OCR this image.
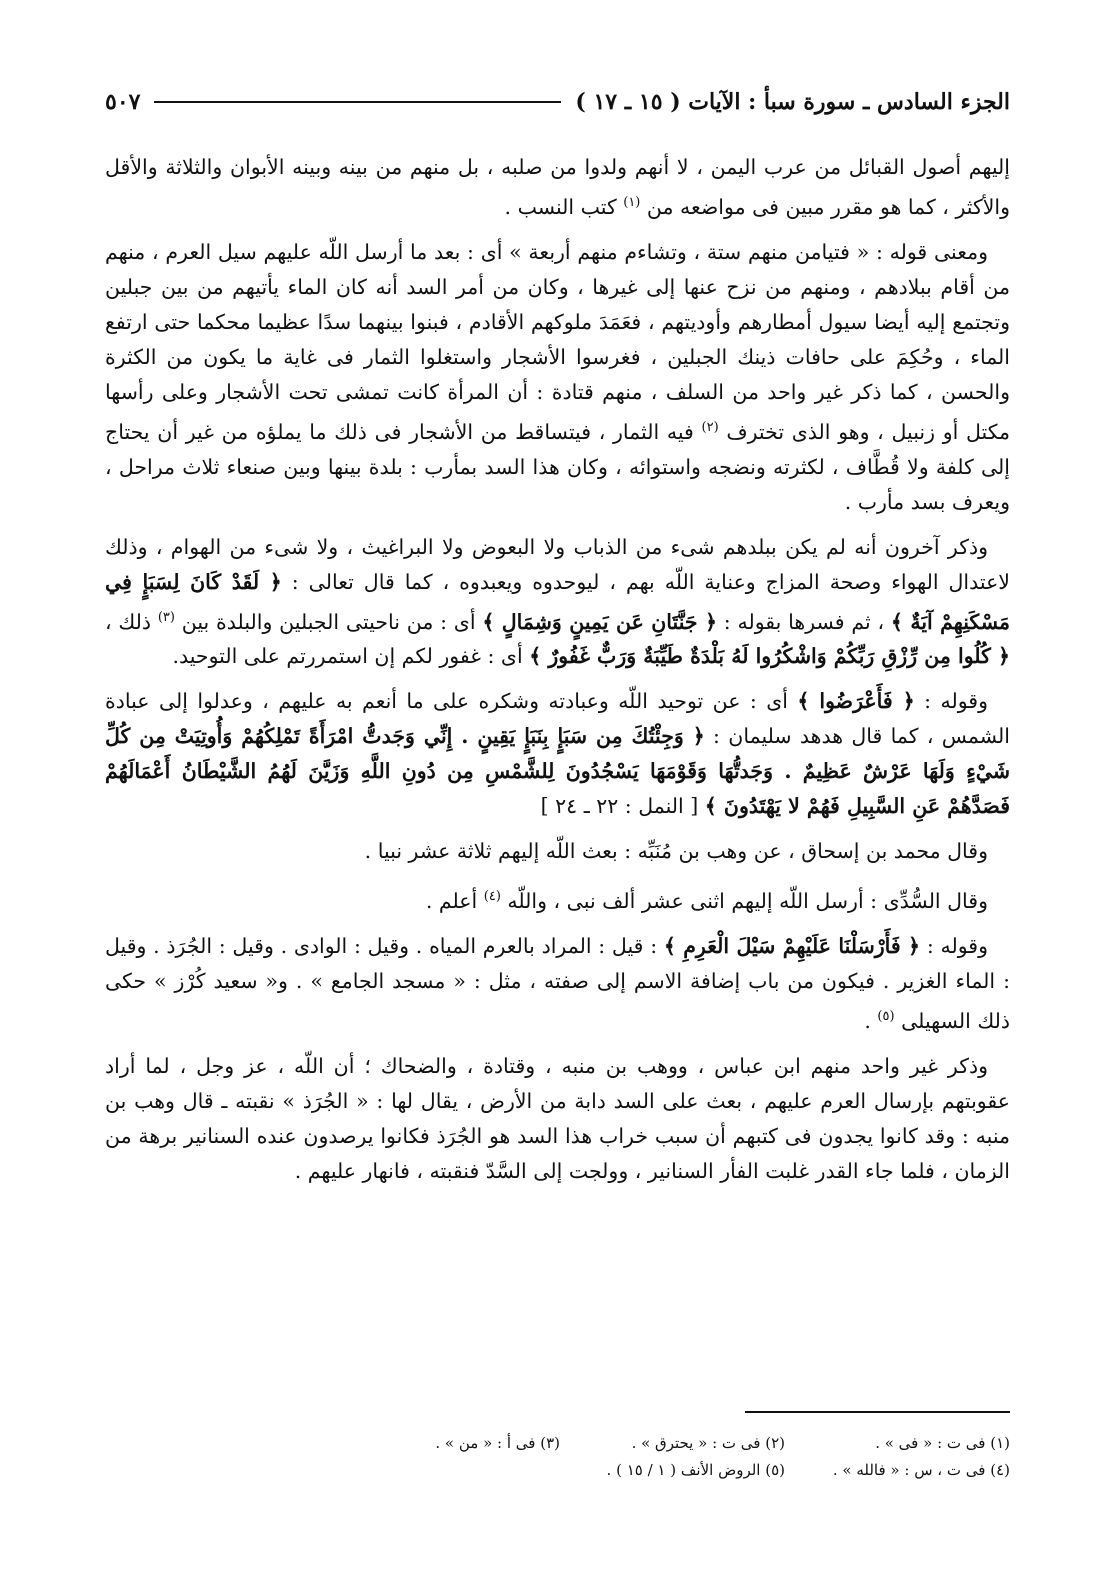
الجزء السادس ـ سورة سبأ : الآيات ( ١٥ ـ ١٧ )
٥٠٧

إليهم أصول القبائل من عرب اليمن ، لا أنهم ولدوا من صلبه ، بل منهم من بينه وبينه الأبوان والثلاثة والأقل والأكثر ، كما هو مقرر مبين فى مواضعه من $^{(١)}$ كتب النسب .

ومعنى قوله : « فتيامن منهم ستة ، وتشاءم منهم أربعة » أى : بعد ما أرسل اللّه عليهم سيل العرم ، منهم من أقام ببلادهم ، ومنهم من نزح عنها إلى غيرها ، وكان من أمر السد أنه كان الماء يأتيهم من بين جبلين وتجتمع إليه أيضا سيول أمطارهم وأوديتهم ، فعَمَدَ ملوكهم الأقادم ، فبنوا بينهما سدًا عظيما محكما حتى ارتفع الماء ، وحُكِمَ على حافات ذينك الجبلين ، فغرسوا الأشجار واستغلوا الثمار فى غاية ما يكون من الكثرة والحسن ، كما ذكر غير واحد من السلف ، منهم قتادة : أن المرأة كانت تمشى تحت الأشجار وعلى رأسها مكتل أو زنبيل ، وهو الذى تخترف $^{(٢)}$ فيه الثمار ، فيتساقط من الأشجار فى ذلك ما يملؤه من غير أن يحتاج إلى كلفة ولا قُطَّاف ، لكثرته ونضجه واستوائه ، وكان هذا السد بمأرب : بلدة بينها وبين صنعاء ثلاث مراحل ، ويعرف بسد مأرب .

وذكر آخرون أنه لم يكن ببلدهم شىء من الذباب ولا البعوض ولا البراغيث ، ولا شىء من الهوام ، وذلك لاعتدال الهواء وصحة المزاج وعناية اللّه بهم ، ليوحدوه ويعبدوه ، كما قال تعالى : ﴿ لَقَدْ كَانَ لِسَبَإٍ فِي مَسْكَنِهِمْ آيَةٌ ﴾ ، ثم فسرها بقوله : ﴿ جَنَّتَانِ عَن يَمِينٍ وَشِمَالٍ ﴾ أى : من ناحيتى الجبلين والبلدة بين $^{(٣)}$ ذلك ، ﴿ كُلُوا مِن رِّزْقِ رَبِّكُمْ وَاشْكُرُوا لَهُ بَلْدَةٌ طَيِّبَةٌ وَرَبٌّ غَفُورٌ ﴾ أى : غفور لكم إن استمررتم على التوحيد.

وقوله : ﴿ فَأَعْرَضُوا ﴾ أى : عن توحيد اللّه وعبادته وشكره على ما أنعم به عليهم ، وعدلوا إلى عبادة الشمس ، كما قال هدهد سليمان : ﴿ وَجِئْتُكَ مِن سَبَإٍ بِنَبَإٍ يَقِينٍ . إِنِّي وَجَدتُّ امْرَأَةً تَمْلِكُهُمْ وَأُوتِيَتْ مِن كُلِّ شَيْءٍ وَلَهَا عَرْشٌ عَظِيمٌ . وَجَدتُّهَا وَقَوْمَهَا يَسْجُدُونَ لِلشَّمْسِ مِن دُونِ اللَّهِ وَزَيَّنَ لَهُمُ الشَّيْطَانُ أَعْمَالَهُمْ فَصَدَّهُمْ عَنِ السَّبِيلِ فَهُمْ لا يَهْتَدُونَ ﴾ [ النمل : ٢٢ ـ ٢٤ ]

وقال محمد بن إسحاق ، عن وهب بن مُنَبِّه : بعث اللّه إليهم ثلاثة عشر نبيا .

وقال السُّدِّى : أرسل اللّه إليهم اثنى عشر ألف نبى ، واللّه $^{(٤)}$ أعلم .

وقوله : ﴿ فَأَرْسَلْنَا عَلَيْهِمْ سَيْلَ الْعَرِمِ ﴾ : قيل : المراد بالعرم المياه . وقيل : الوادى . وقيل : الجُرَذ . وقيل : الماء الغزير . فيكون من باب إضافة الاسم إلى صفته ، مثل : « مسجد الجامع » . و« سعيد كُرْز » حكى ذلك السهيلى $^{(٥)}$ .

وذكر غير واحد منهم ابن عباس ، ووهب بن منبه ، وقتادة ، والضحاك ؛ أن اللّه ، عز وجل ، لما أراد عقوبتهم بإرسال العرم عليهم ، بعث على السد دابة من الأرض ، يقال لها : « الجُرَذ » نقبته ـ قال وهب بن منبه : وقد كانوا يجدون فى كتبهم أن سبب خراب هذا السد هو الجُرَذ فكانوا يرصدون عنده السنانير برهة من الزمان ، فلما جاء القدر غلبت الفأر السنانير ، وولجت إلى السَّدّ فنقبته ، فانهار عليهم .

(١) فى ت : « فى » .
(٢) فى ت : « يحترق » .
(٣) فى أ : « من » .
(٤) فى ت ، س : « فالله » .
(٥) الروض الأنف ( ١ / ١٥ ) .
